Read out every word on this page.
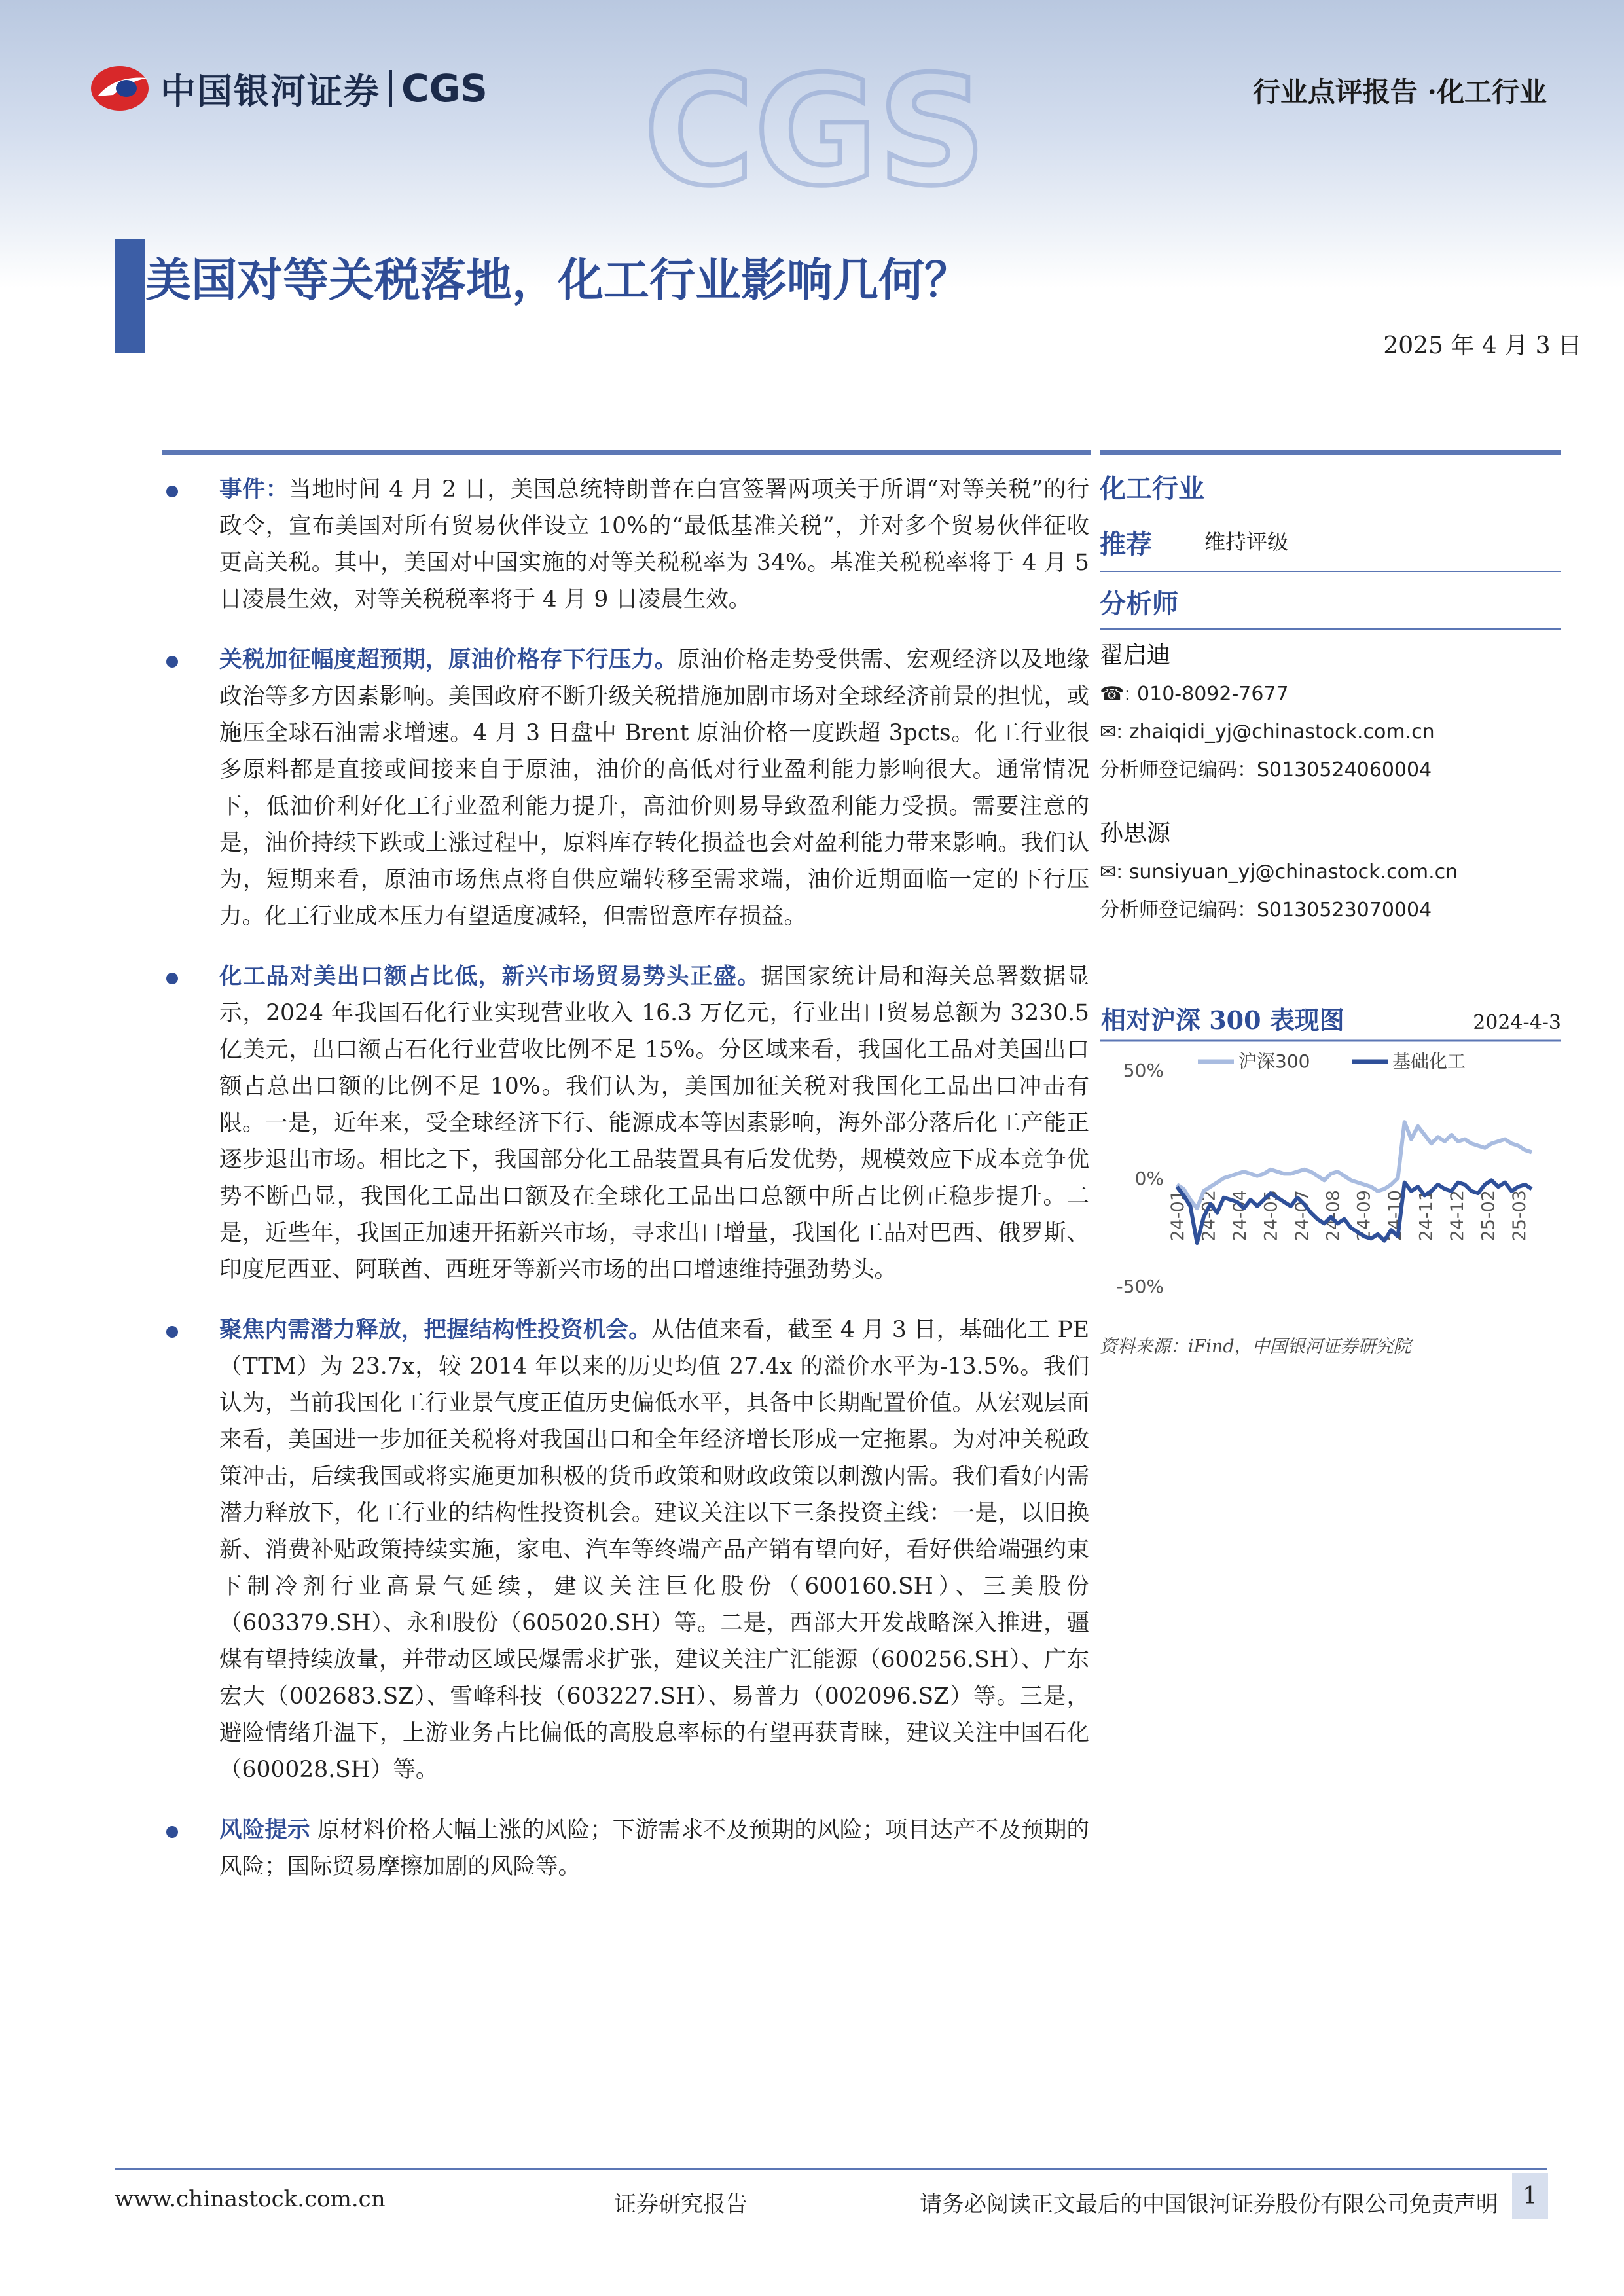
CGS
中国银河证券 CGS	行业点评报告 ·化工行业
美国对等关税落地，化工行业影响几何？
2025 年 4 月 3 日
事件：当地时间 4 月 2 日，美国总统特朗普在白宫签署两项关于所谓“对等关税”的行政令，宣布美国对所有贸易伙伴设立 10%的“最低基准关税”，并对多个贸易伙伴征收更高关税。其中，美国对中国实施的对等关税税率为 34%。基准关税税率将于 4 月 5 日凌晨生效，对等关税税率将于 4 月 9 日凌晨生效。
关税加征幅度超预期，原油价格存下行压力。原油价格走势受供需、宏观经济以及地缘政治等多方因素影响。美国政府不断升级关税措施加剧市场对全球经济前景的担忧，或施压全球石油需求增速。4 月 3 日盘中 Brent 原油价格一度跌超 3pcts。化工行业很多原料都是直接或间接来自于原油，油价的高低对行业盈利能力影响很大。通常情况下，低油价利好化工行业盈利能力提升，高油价则易导致盈利能力受损。需要注意的是，油价持续下跌或上涨过程中，原料库存转化损益也会对盈利能力带来影响。我们认为，短期来看，原油市场焦点将自供应端转移至需求端，油价近期面临一定的下行压力。化工行业成本压力有望适度减轻，但需留意库存损益。
化工品对美出口额占比低，新兴市场贸易势头正盛。据国家统计局和海关总署数据显示，2024 年我国石化行业实现营业收入 16.3 万亿元，行业出口贸易总额为 3230.5 亿美元，出口额占石化行业营收比例不足 15%。分区域来看，我国化工品对美国出口额占总出口额的比例不足 10%。我们认为，美国加征关税对我国化工品出口冲击有限。一是，近年来，受全球经济下行、能源成本等因素影响，海外部分落后化工产能正逐步退出市场。相比之下，我国部分化工品装置具有后发优势，规模效应下成本竞争优势不断凸显，我国化工品出口额及在全球化工品出口总额中所占比例正稳步提升。二是，近些年，我国正加速开拓新兴市场，寻求出口增量，我国化工品对巴西、俄罗斯、印度尼西亚、阿联酋、西班牙等新兴市场的出口增速维持强劲势头。
聚焦内需潜力释放，把握结构性投资机会。从估值来看，截至 4 月 3 日，基础化工 PE（TTM）为 23.7x，较 2014 年以来的历史均值 27.4x 的溢价水平为-13.5%。我们认为，当前我国化工行业景气度正值历史偏低水平，具备中长期配置价值。从宏观层面来看，美国进一步加征关税将对我国出口和全年经济增长形成一定拖累。为对冲关税政策冲击，后续我国或将实施更加积极的货币政策和财政政策以刺激内需。我们看好内需潜力释放下，化工行业的结构性投资机会。建议关注以下三条投资主线：一是，以旧换新、消费补贴政策持续实施，家电、汽车等终端产品产销有望向好，看好供给端强约束下制冷剂行业高景气延续，建议关注巨化股份（600160.SH）、三美股份（603379.SH）、永和股份（605020.SH）等。二是，西部大开发战略深入推进，疆煤有望持续放量，并带动区域民爆需求扩张，建议关注广汇能源（600256.SH）、广东宏大（002683.SZ）、雪峰科技（603227.SH）、易普力（002096.SZ）等。三是，避险情绪升温下，上游业务占比偏低的高股息率标的有望再获青睐，建议关注中国石化（600028.SH）等。
风险提示 原材料价格大幅上涨的风险；下游需求不及预期的风险；项目达产不及预期的风险；国际贸易摩擦加剧的风险等。
化工行业
推荐	维持评级
分析师
翟启迪
☎: 010-8092-7677
✉: zhaiqidi_yj@chinastock.com.cn
分析师登记编码：S0130524060004
孙思源
✉: sunsiyuan_yj@chinastock.com.cn
分析师登记编码：S0130523070004
相对沪深 300 表现图	2024-4-3
沪深300	基础化工
50%
0%
-50%
24-01 24-02 24-04 24-05 24-07 24-08 24-09 24-10 24-11 24-12 25-02 25-03
资料来源：iFind，中国银河证券研究院
www.chinastock.com.cn	证券研究报告	请务必阅读正文最后的中国银河证券股份有限公司免责声明	1
